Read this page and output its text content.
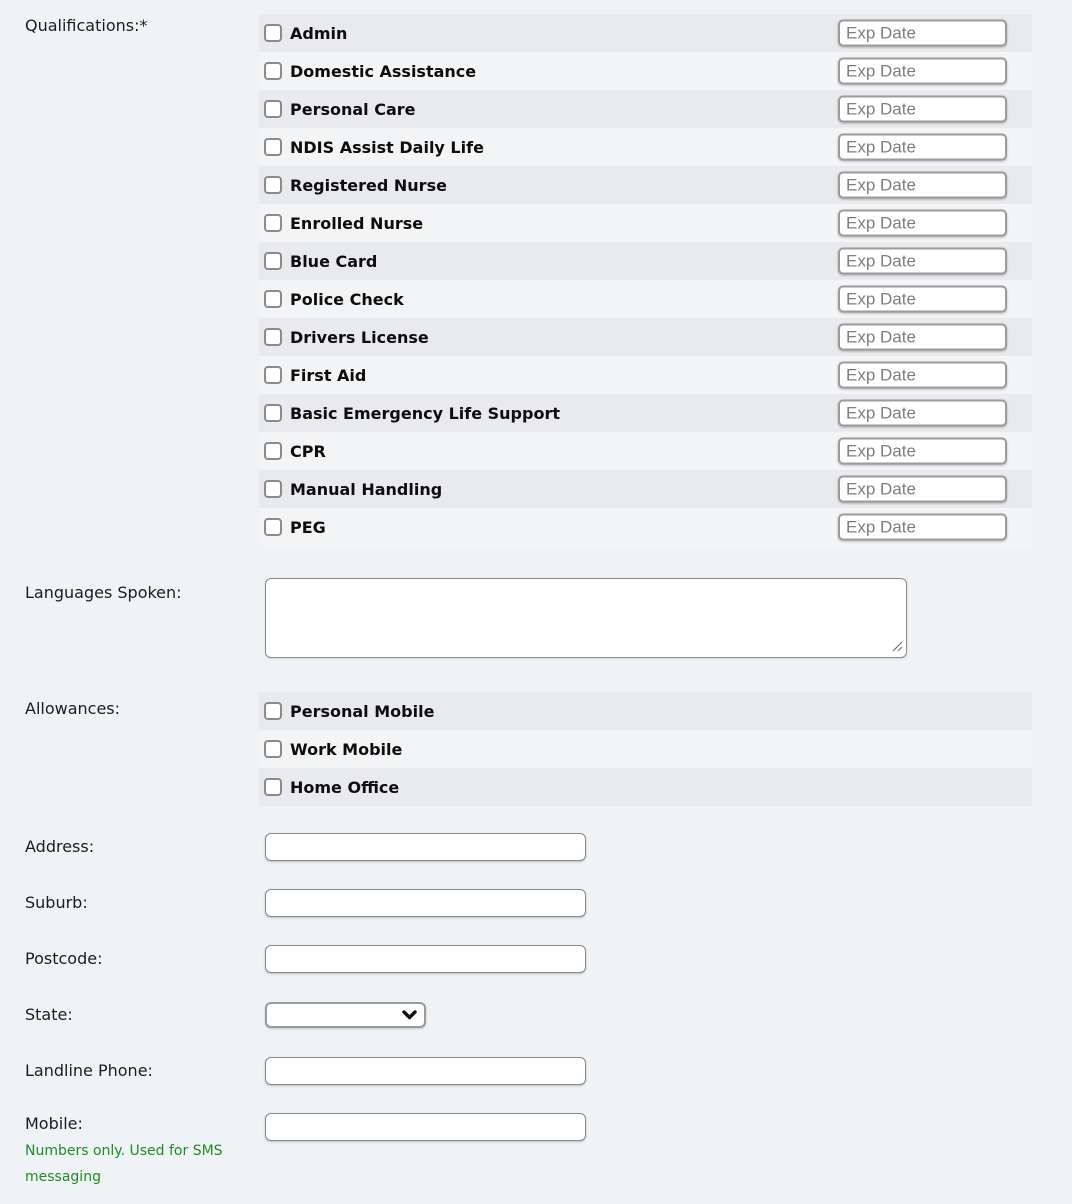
Qualifications:*	Admin
Exp Date
Domestic Assistance
Exp Date
Personal Care
Exp Date
NDIS Assist Daily Life
Exp Date
Registered Nurse
Exp Date
Enrolled Nurse
Exp Date
Blue Card
Exp Date
Police Check
Exp Date
Drivers License
Exp Date
First Aid
Exp Date
Basic Emergency Life Support
Exp Date
CPR
Exp Date
Manual Handling
Exp Date
PEG
Exp Date
Languages Spoken:
Allowances:	Personal Mobile
Work Mobile
Home Office
Address:
Suburb:
Postcode:
State:
Landline Phone:
Mobile:
Numbers only. Used for SMS messaging
